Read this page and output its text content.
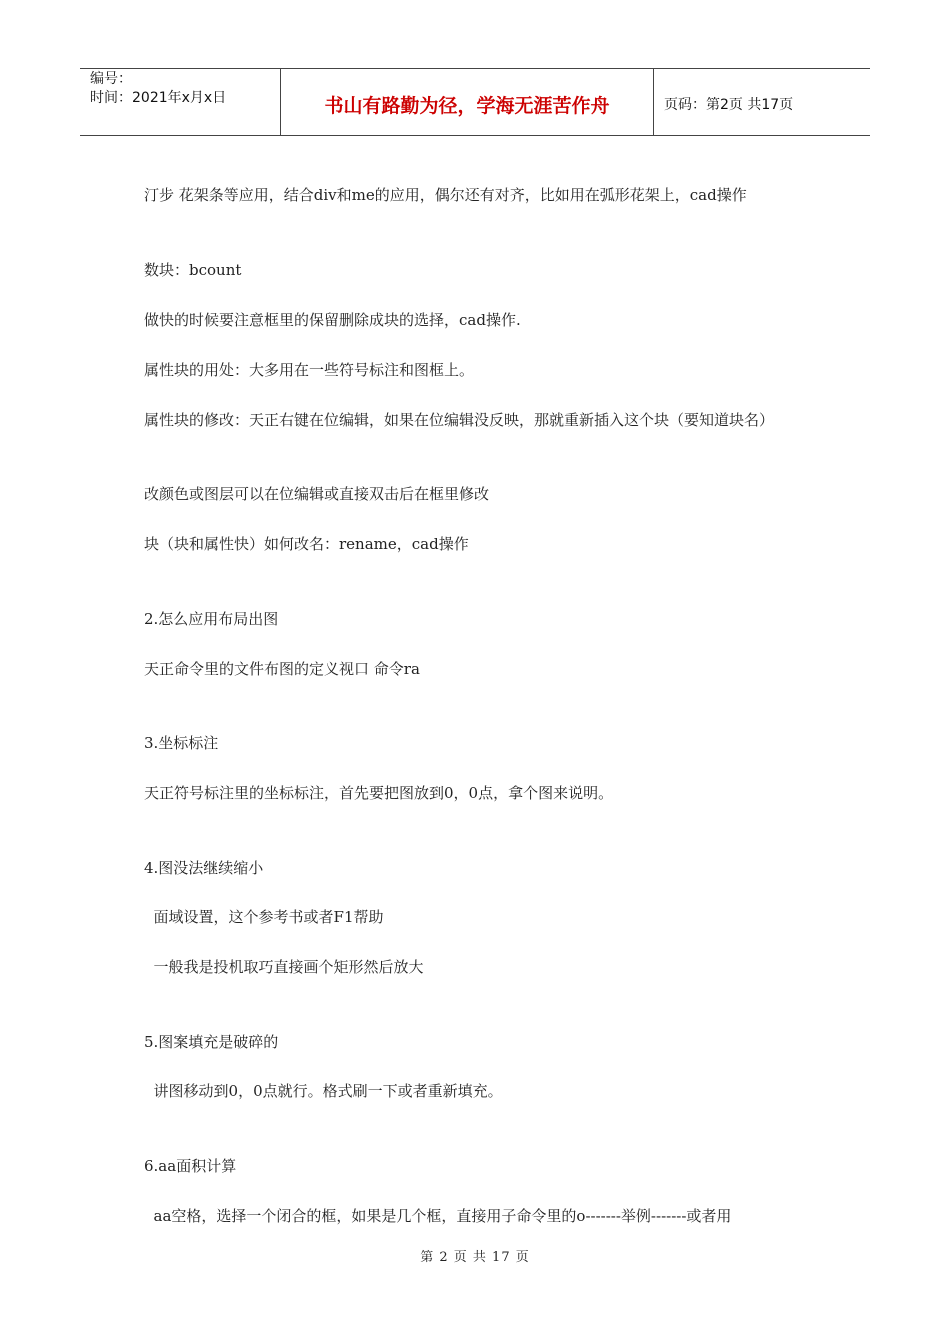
编号：
时间：2021年x月x日	书山有路勤为径，学海无涯苦作舟	页码：第2页 共17页
汀步 花架条等应用，结合div和me的应用，偶尔还有对齐，比如用在弧形花架上，cad操作
数块：bcount
做快的时候要注意框里的保留删除成块的选择，cad操作.
属性块的用处：大多用在一些符号标注和图框上。
属性块的修改：天正右键在位编辑，如果在位编辑没反映，那就重新插入这个块（要知道块名）
改颜色或图层可以在位编辑或直接双击后在框里修改
块（块和属性快）如何改名：rename，cad操作
2.怎么应用布局出图
天正命令里的文件布图的定义视口 命令ra
3.坐标标注
天正符号标注里的坐标标注，首先要把图放到0，0点，拿个图来说明。
4.图没法继续缩小
面域设置，这个参考书或者F1帮助
一般我是投机取巧直接画个矩形然后放大
5.图案填充是破碎的
讲图移动到0，0点就行。格式刷一下或者重新填充。
6.aa面积计算
aa空格，选择一个闭合的框，如果是几个框，直接用子命令里的o-------举例-------或者用
第 2 页 共 17 页
